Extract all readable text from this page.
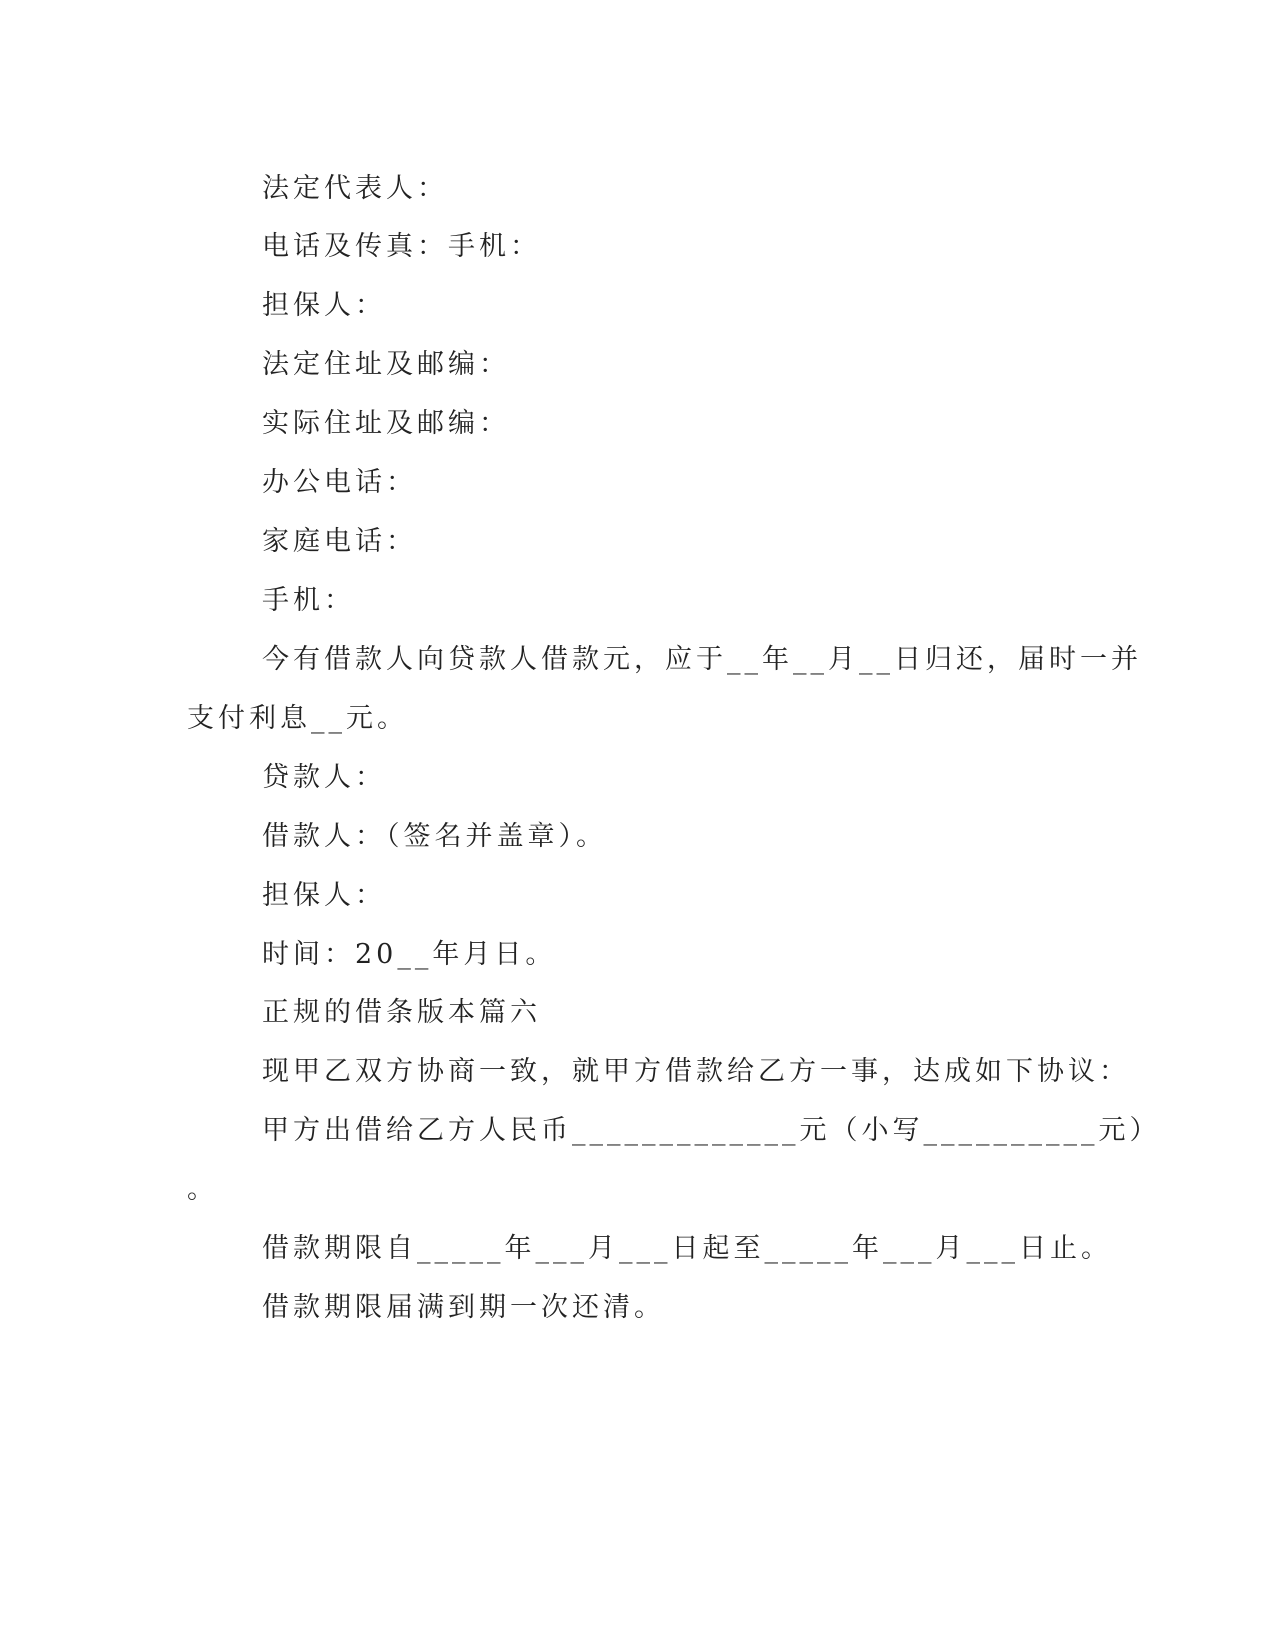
法定代表人：
电话及传真：手机：
担保人：
法定住址及邮编：
实际住址及邮编：
办公电话：
家庭电话：
手机：
今有借款人向贷款人借款元，应于__年__月__日归还，届时一并
支付利息__元。
贷款人：
借款人：（签名并盖章）。
担保人：
时间：20__年月日。
正规的借条版本篇六
现甲乙双方协商一致，就甲方借款给乙方一事，达成如下协议：
甲方出借给乙方人民币_____________元（小写__________元）
。
借款期限自_____年___月___日起至_____年___月___日止。
借款期限届满到期一次还清。
